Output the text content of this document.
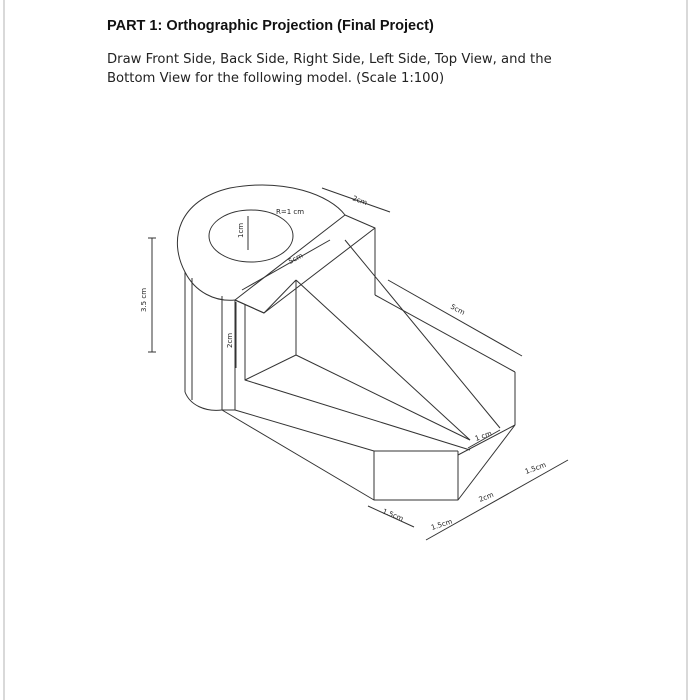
PART 1: Orthographic Projection (Final Project)
Draw Front Side, Back Side, Right Side, Left Side, Top View, and the Bottom View for the following model. (Scale 1:100)
2cm
R=1 cm
1cm
5cm
3.5 cm
2cm
5cm
1 cm
1.5cm
1.5cm
2cm
1.5cm
